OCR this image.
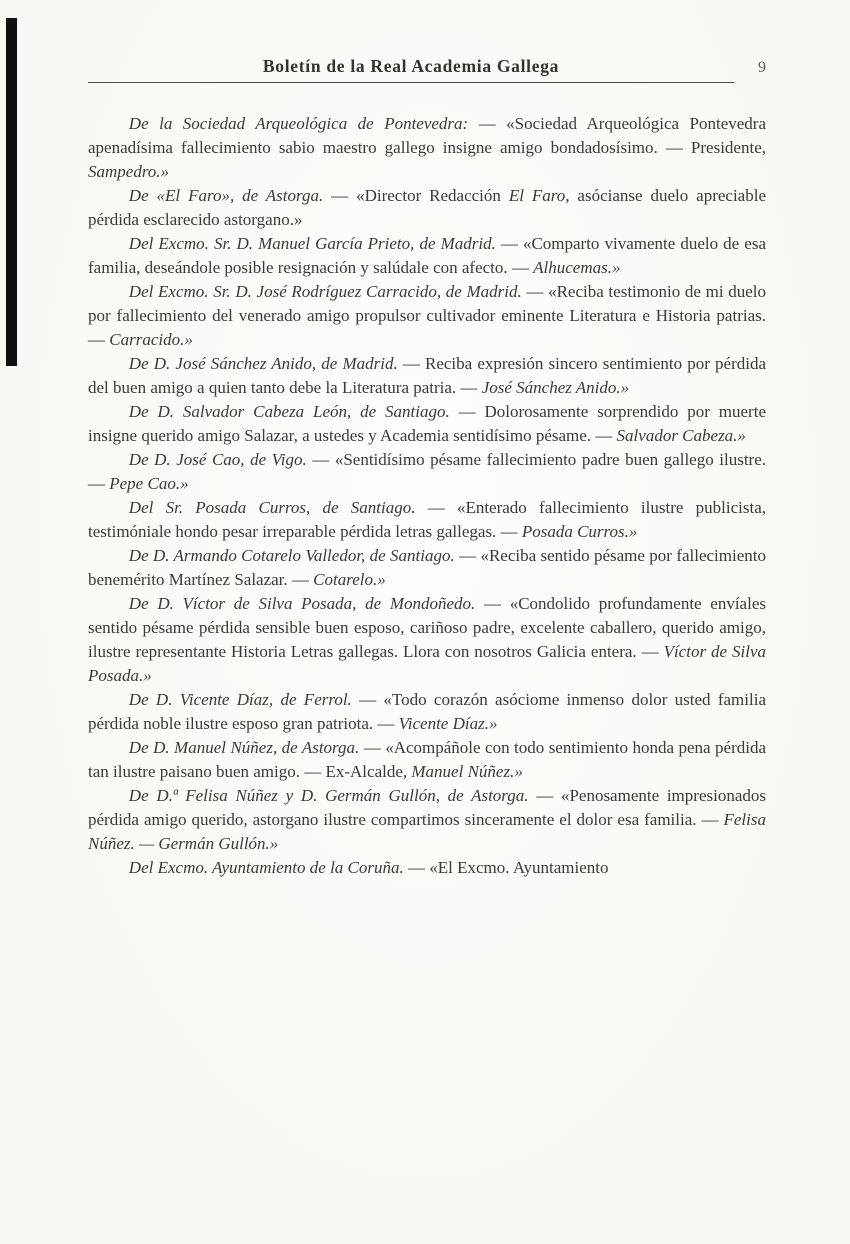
Boletín de la Real Academia Gallega	9

De la Sociedad Arqueológica de Pontevedra: — «Sociedad Arqueológica Pontevedra apenadísima fallecimiento sabio maestro gallego insigne amigo bondadosísimo. — Presidente, Sampedro.»

De «El Faro», de Astorga. — «Director Redacción El Faro, asócianse duelo apreciable pérdida esclarecido astorgano.»

Del Excmo. Sr. D. Manuel García Prieto, de Madrid. — «Comparto vivamente duelo de esa familia, deseándole posible resignación y salúdale con afecto. — Alhucemas.»

Del Excmo. Sr. D. José Rodríguez Carracido, de Madrid. — «Reciba testimonio de mi duelo por fallecimiento del venerado amigo propulsor cultivador eminente Literatura e Historia patrias. — Carracido.»

De D. José Sánchez Anido, de Madrid. — Reciba expresión sincero sentimiento por pérdida del buen amigo a quien tanto debe la Literatura patria. — José Sánchez Anido.»

De D. Salvador Cabeza León, de Santiago. — Dolorosamente sorprendido por muerte insigne querido amigo Salazar, a ustedes y Academia sentidísimo pésame. — Salvador Cabeza.»

De D. José Cao, de Vigo. — «Sentidísimo pésame fallecimiento padre buen gallego ilustre. — Pepe Cao.»

Del Sr. Posada Curros, de Santiago. — «Enterado fallecimiento ilustre publicista, testimóniale hondo pesar irreparable pérdida letras gallegas. — Posada Curros.»

De D. Armando Cotarelo Valledor, de Santiago. — «Reciba sentido pésame por fallecimiento benemérito Martínez Salazar. — Cotarelo.»

De D. Víctor de Silva Posada, de Mondoñedo. — «Condolido profundamente envíales sentido pésame pérdida sensible buen esposo, cariñoso padre, excelente caballero, querido amigo, ilustre representante Historia Letras gallegas. Llora con nosotros Galicia entera. — Víctor de Silva Posada.»

De D. Vicente Díaz, de Ferrol. — «Todo corazón asóciome inmenso dolor usted familia pérdida noble ilustre esposo gran patriota. — Vicente Díaz.»

De D. Manuel Núñez, de Astorga. — «Acompáñole con todo sentimiento honda pena pérdida tan ilustre paisano buen amigo. — Ex-Alcalde, Manuel Núñez.»

De D.ª Felisa Núñez y D. Germán Gullón, de Astorga. — «Penosamente impresionados pérdida amigo querido, astorgano ilustre compartimos sinceramente el dolor esa familia. — Felisa Núñez. — Germán Gullón.»

Del Excmo. Ayuntamiento de la Coruña. — «El Excmo. Ayuntamiento
